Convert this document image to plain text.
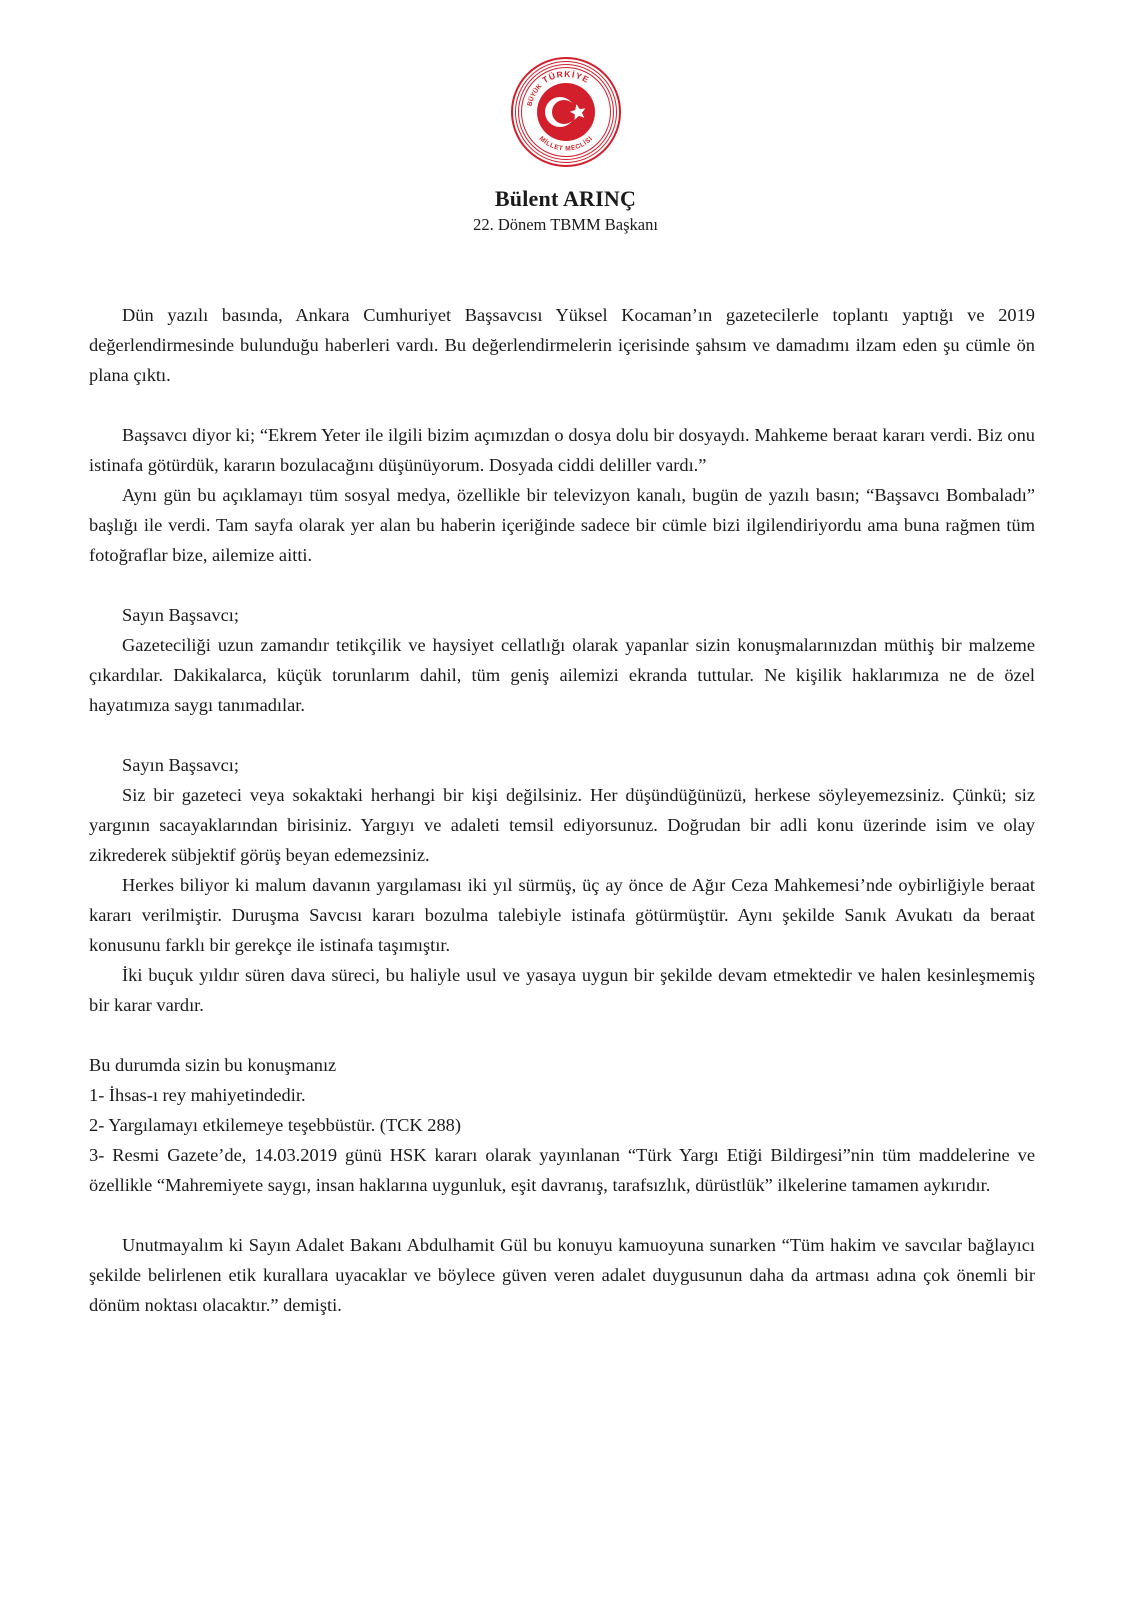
TÜRKİYE
BÜYÜK
MİLLET MECLİSİ
Bülent ARINÇ
22. Dönem TBMM Başkanı

Dün yazılı basında, Ankara Cumhuriyet Başsavcısı Yüksel Kocaman’ın gazetecilerle toplantı yaptığı ve 2019 değerlendirmesinde bulunduğu haberleri vardı. Bu değerlendirmelerin içerisinde şahsım ve damadımı ilzam eden şu cümle ön plana çıktı.

Başsavcı diyor ki; “Ekrem Yeter ile ilgili bizim açımızdan o dosya dolu bir dosyaydı. Mahkeme beraat kararı verdi. Biz onu istinafa götürdük, kararın bozulacağını düşünüyorum. Dosyada ciddi deliller vardı.”

Aynı gün bu açıklamayı tüm sosyal medya, özellikle bir televizyon kanalı, bugün de yazılı basın; “Başsavcı Bombaladı” başlığı ile verdi. Tam sayfa olarak yer alan bu haberin içeriğinde sadece bir cümle bizi ilgilendiriyordu ama buna rağmen tüm fotoğraflar bize, ailemize aitti.

Sayın Başsavcı;

Gazeteciliği uzun zamandır tetikçilik ve haysiyet cellatlığı olarak yapanlar sizin konuşmalarınızdan müthiş bir malzeme çıkardılar. Dakikalarca, küçük torunlarım dahil, tüm geniş ailemizi ekranda tuttular. Ne kişilik haklarımıza ne de özel hayatımıza saygı tanımadılar.

Sayın Başsavcı;

Siz bir gazeteci veya sokaktaki herhangi bir kişi değilsiniz. Her düşündüğünüzü, herkese söyleyemezsiniz. Çünkü; siz yargının sacayaklarından birisiniz. Yargıyı ve adaleti temsil ediyorsunuz. Doğrudan bir adli konu üzerinde isim ve olay zikrederek sübjektif görüş beyan edemezsiniz.

Herkes biliyor ki malum davanın yargılaması iki yıl sürmüş, üç ay önce de Ağır Ceza Mahkemesi’nde oybirliğiyle beraat kararı verilmiştir. Duruşma Savcısı kararı bozulma talebiyle istinafa götürmüştür. Aynı şekilde Sanık Avukatı da beraat konusunu farklı bir gerekçe ile istinafa taşımıştır.

İki buçuk yıldır süren dava süreci, bu haliyle usul ve yasaya uygun bir şekilde devam etmektedir ve halen kesinleşmemiş bir karar vardır.

Bu durumda sizin bu konuşmanız

1- İhsas-ı rey mahiyetindedir.

2- Yargılamayı etkilemeye teşebbüstür. (TCK 288)

3- Resmi Gazete’de, 14.03.2019 günü HSK kararı olarak yayınlanan “Türk Yargı Etiği Bildirgesi”nin tüm maddelerine ve özellikle “Mahremiyete saygı, insan haklarına uygunluk, eşit davranış, tarafsızlık, dürüstlük” ilkelerine tamamen aykırıdır.

Unutmayalım ki Sayın Adalet Bakanı Abdulhamit Gül bu konuyu kamuoyuna sunarken “Tüm hakim ve savcılar bağlayıcı şekilde belirlenen etik kurallara uyacaklar ve böylece güven veren adalet duygusunun daha da artması adına çok önemli bir dönüm noktası olacaktır.” demişti.
